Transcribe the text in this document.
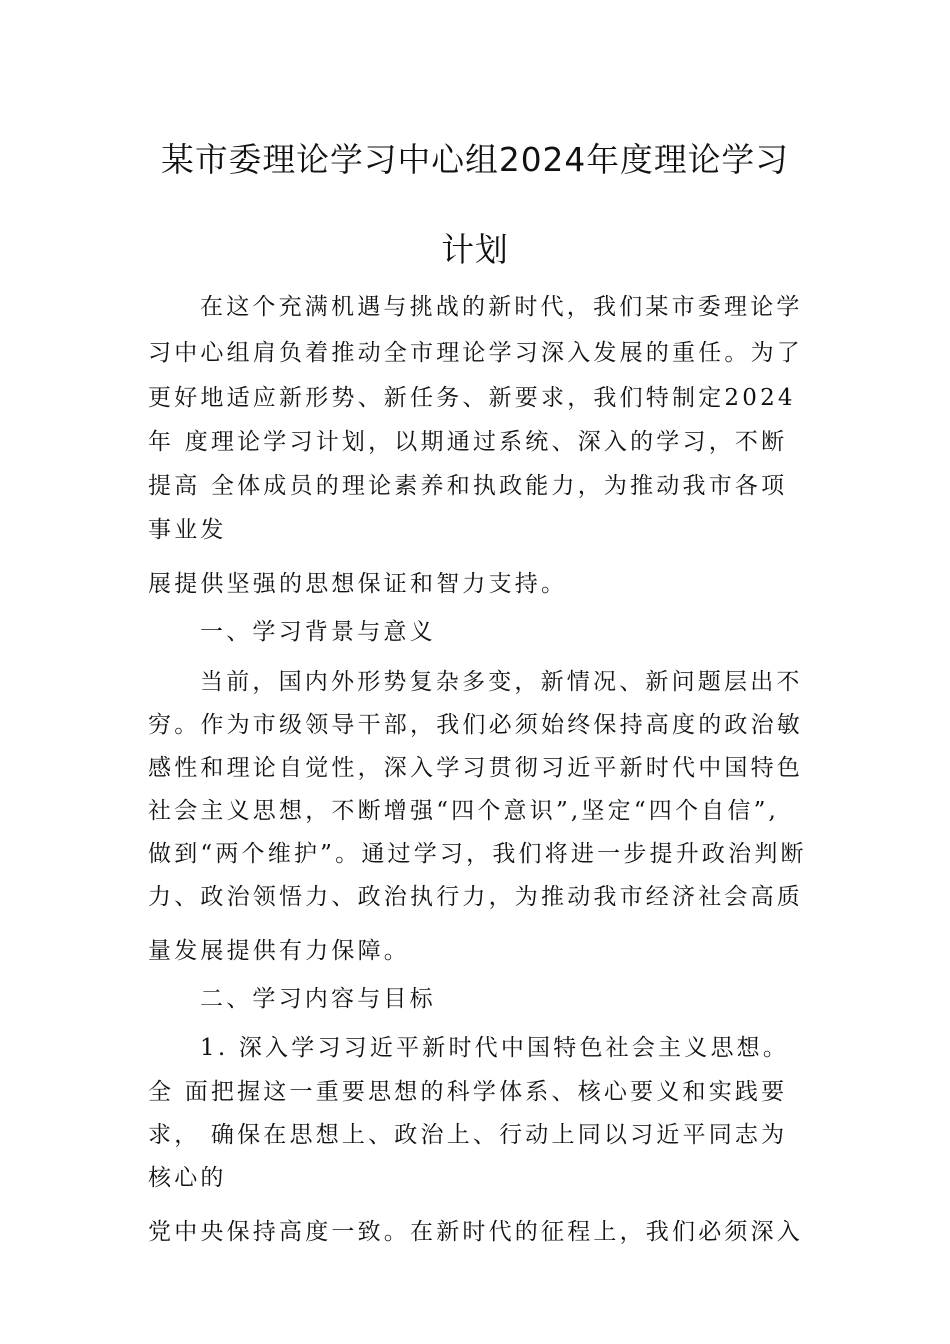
某市委理论学习中心组2024年度理论学习
计划
在这个充满机遇与挑战的新时代，我们某市委理论学
习中心组肩负着推动全市理论学习深入发展的重任。为了
更好地适应新形势、新任务、新要求，我们特制定2024
年 度理论学习计划，以期通过系统、深入的学习，不断
提高 全体成员的理论素养和执政能力，为推动我市各项
事业发
展提供坚强的思想保证和智力支持。
一、学习背景与意义
当前，国内外形势复杂多变，新情况、新问题层出不
穷。作为市级领导干部，我们必须始终保持高度的政治敏
感性和理论自觉性，深入学习贯彻习近平新时代中国特色
社会主义思想，不断增强“四个意识”,坚定“四个自信”,
做到“两个维护”。通过学习，我们将进一步提升政治判断
力、政治领悟力、政治执行力，为推动我市经济社会高质
量发展提供有力保障。
二、学习内容与目标
1. 深入学习习近平新时代中国特色社会主义思想。
全 面把握这一重要思想的科学体系、核心要义和实践要
求， 确保在思想上、政治上、行动上同以习近平同志为
核心的
党中央保持高度一致。在新时代的征程上，我们必须深入
